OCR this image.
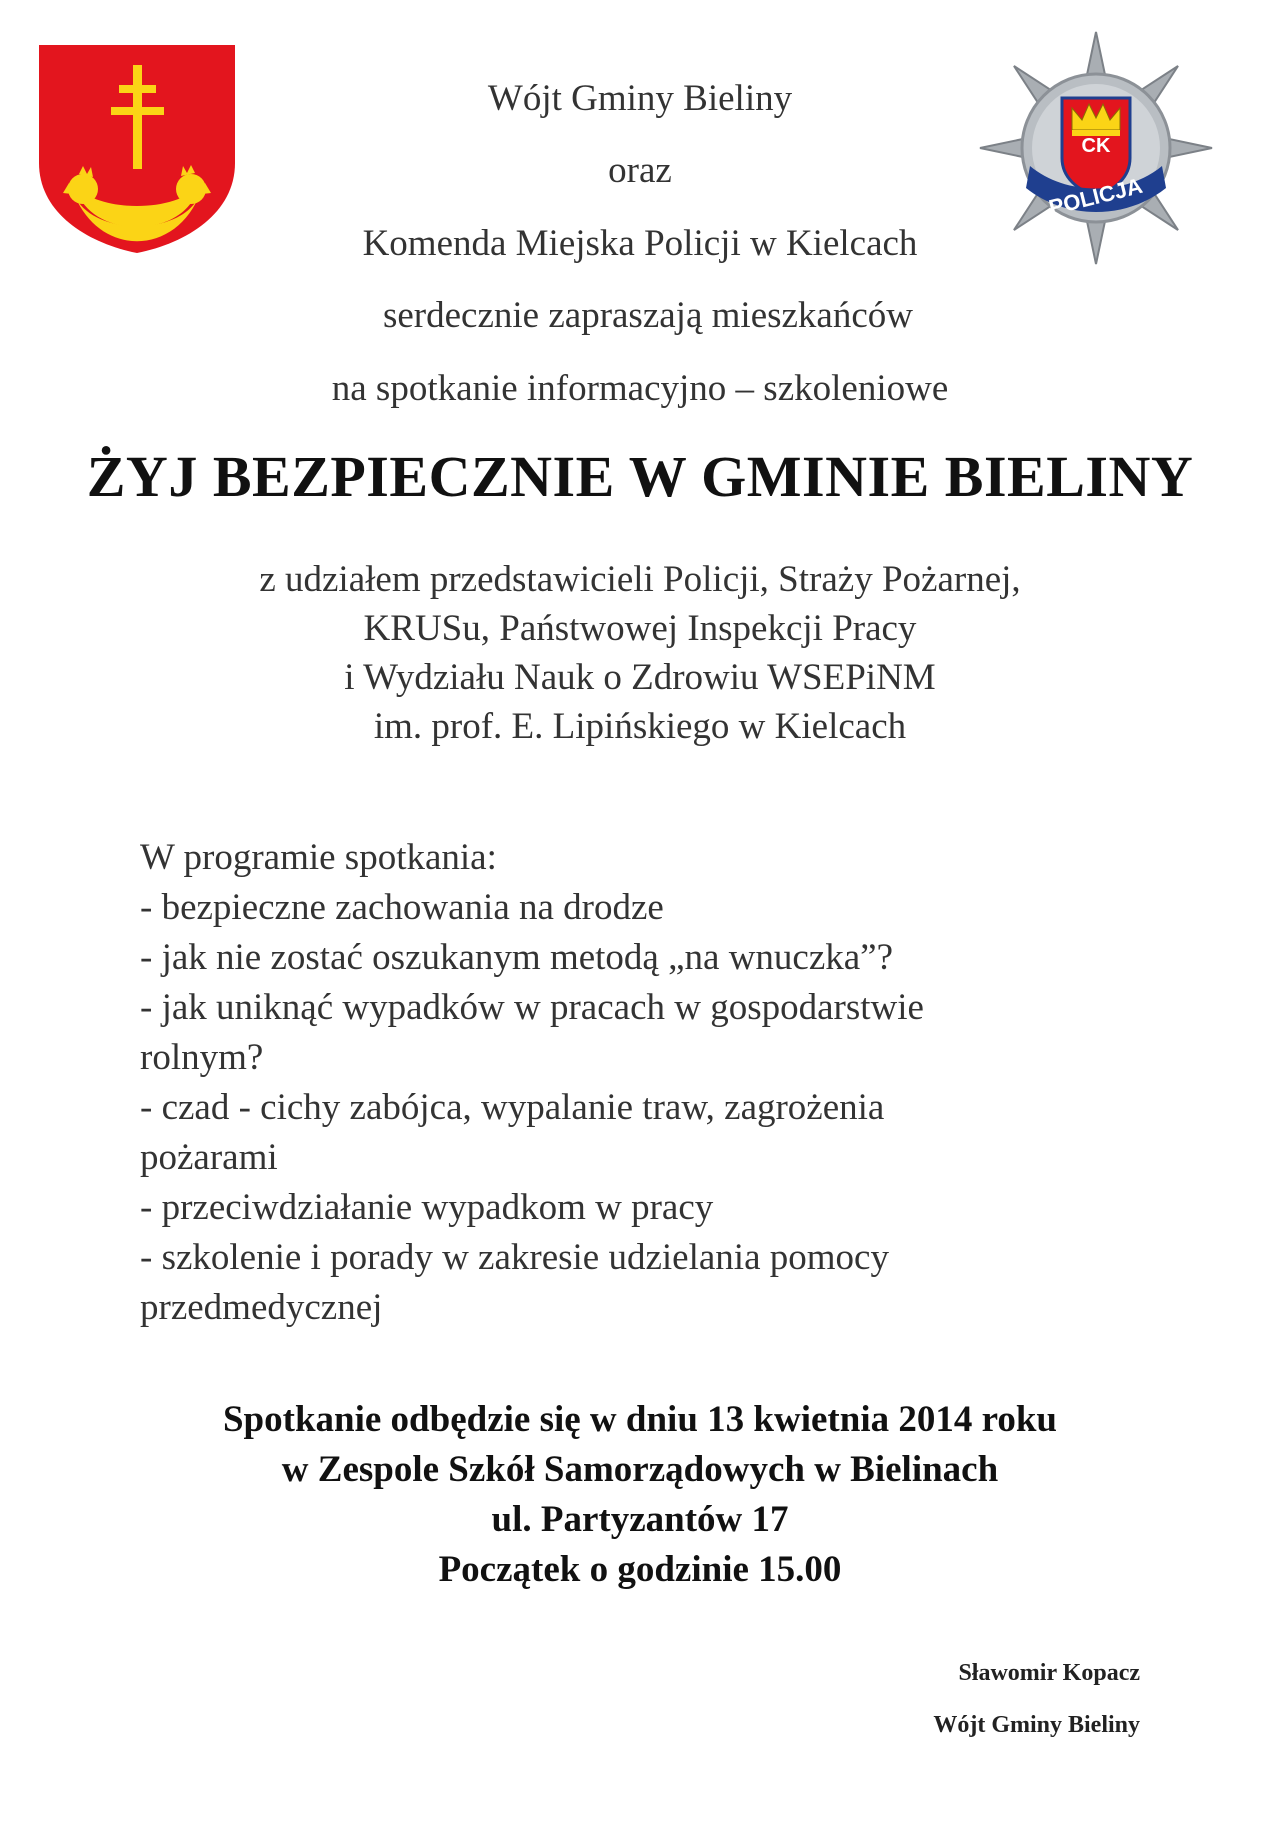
CK
POLICJA
Wójt Gminy Bieliny
oraz
Komenda Miejska Policji w Kielcach
serdecznie zapraszają mieszkańców
na spotkanie informacyjno – szkoleniowe
ŻYJ BEZPIECZNIE W GMINIE BIELINY
z udziałem przedstawicieli Policji, Straży Pożarnej,
KRUSu, Państwowej Inspekcji Pracy
i Wydziału Nauk o Zdrowiu WSEPiNM
im. prof. E. Lipińskiego w Kielcach
W programie spotkania:
- bezpieczne zachowania na drodze
- jak nie zostać oszukanym metodą „na wnuczka”?
- jak uniknąć wypadków w pracach w gospodarstwie
rolnym?
- czad - cichy zabójca, wypalanie traw, zagrożenia
pożarami
- przeciwdziałanie wypadkom w pracy
- szkolenie i porady w zakresie udzielania pomocy
przedmedycznej
Spotkanie odbędzie się w dniu 13 kwietnia 2014 roku
w Zespole Szkół Samorządowych w Bielinach
ul. Partyzantów 17
Początek o godzinie 15.00
Sławomir Kopacz
Wójt Gminy Bieliny
